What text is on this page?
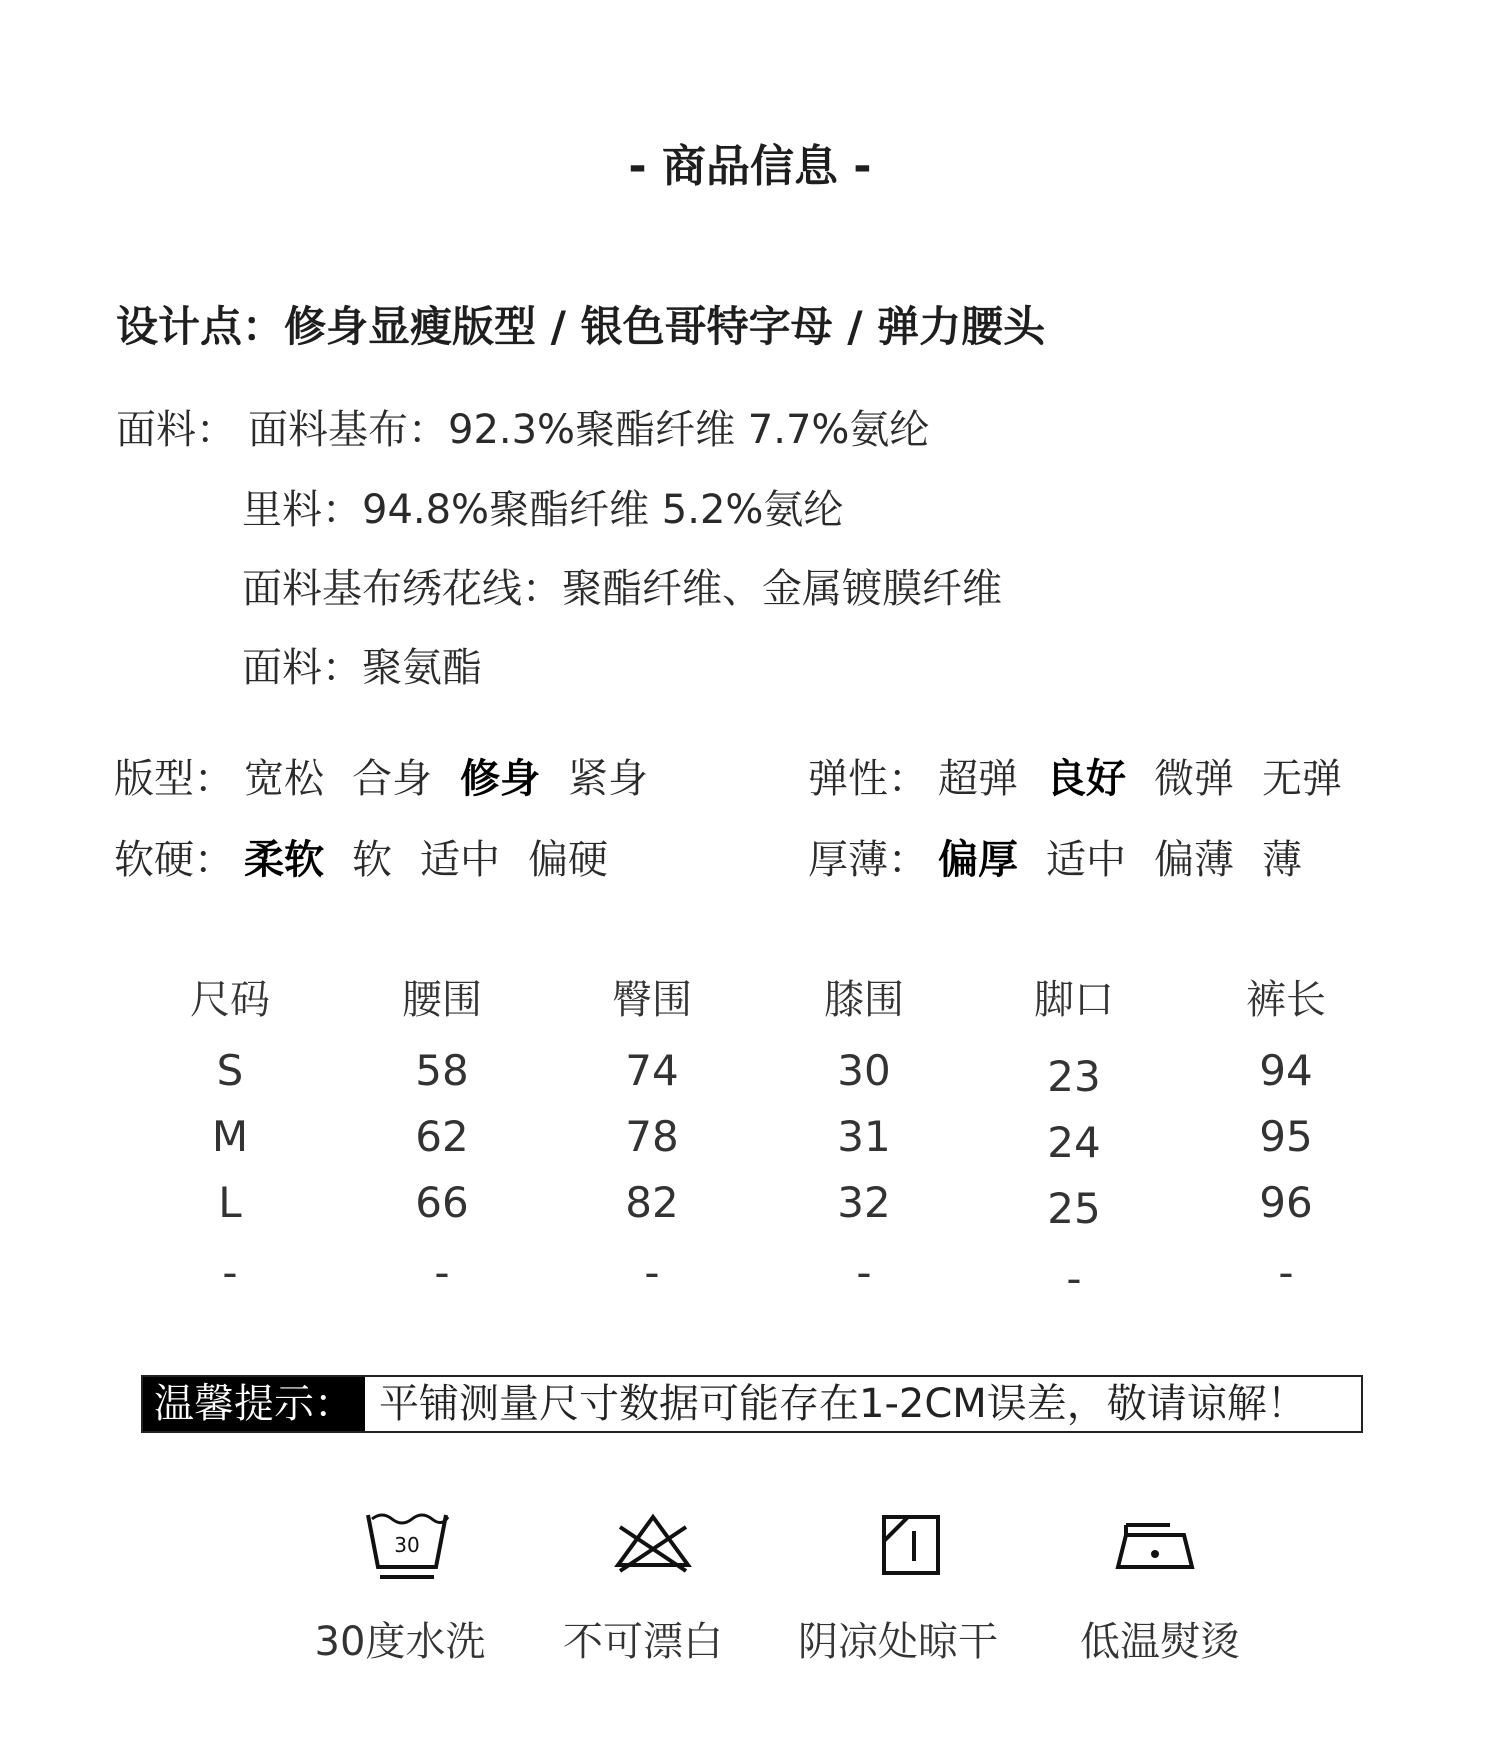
- 商品信息 -
设计点：修身显瘦版型 / 银色哥特字母 / 弹力腰头
面料： 面料基布：92.3%聚酯纤维 7.7%氨纶
里料：94.8%聚酯纤维 5.2%氨纶
面料基布绣花线：聚酯纤维、金属镀膜纤维
面料：聚氨酯
版型： 宽松 合身 修身 紧身	弹性： 超弹 良好 微弹 无弹
软硬： 柔软 软 适中 偏硬	厚薄： 偏厚 适中 偏薄 薄
尺码	腰围	臀围	膝围	脚口	裤长
S	58	74	30	23	94
M	62	78	31	24	95
L	66	82	32	25	96
-	-	-	-	-	-
温馨提示： 平铺测量尺寸数据可能存在1-2CM误差，敬请谅解！
30
30度水洗	不可漂白	阴凉处晾干	低温熨烫
